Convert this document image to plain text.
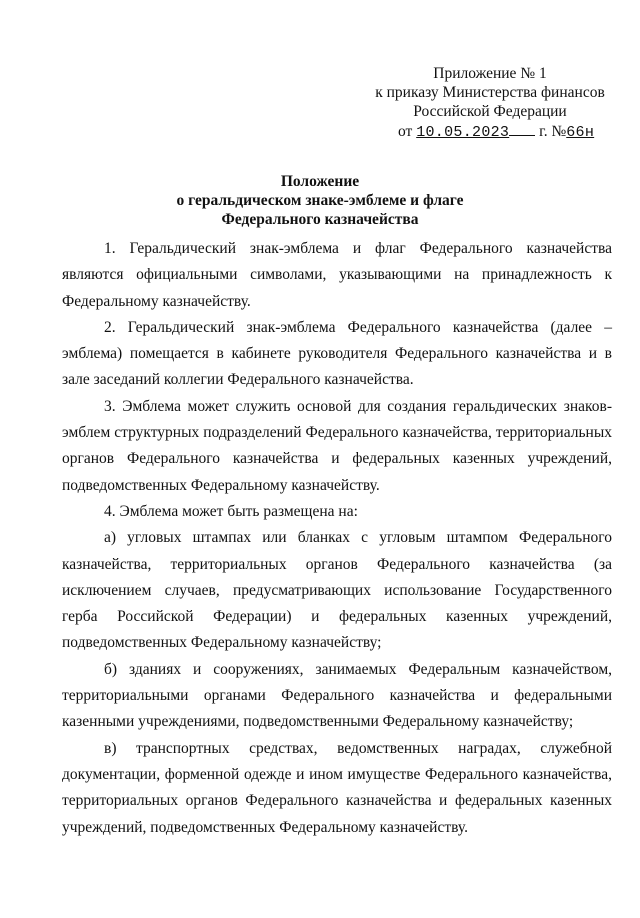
Приложение № 1
к приказу Министерства финансов
Российской Федерации
от 10.05.2023 г. №66н
Положение
о геральдическом знаке-эмблеме и флаге
Федерального казначейства

1. Геральдический знак-эмблема и флаг Федерального казначейства являются официальными символами, указывающими на принадлежность к Федеральному казначейству.

2. Геральдический знак-эмблема Федерального казначейства (далее – эмблема) помещается в кабинете руководителя Федерального казначейства и в зале заседаний коллегии Федерального казначейства.

3. Эмблема может служить основой для создания геральдических знаков-эмблем структурных подразделений Федерального казначейства, территориальных органов Федерального казначейства и федеральных казенных учреждений, подведомственных Федеральному казначейству.

4. Эмблема может быть размещена на:

а) угловых штампах или бланках с угловым штампом Федерального казначейства, территориальных органов Федерального казначейства (за исключением случаев, предусматривающих использование Государственного герба Российской Федерации) и федеральных казенных учреждений, подведомственных Федеральному казначейству;

б) зданиях и сооружениях, занимаемых Федеральным казначейством, территориальными органами Федерального казначейства и федеральными казенными учреждениями, подведомственными Федеральному казначейству;

в) транспортных средствах, ведомственных наградах, служебной документации, форменной одежде и ином имуществе Федерального казначейства, территориальных органов Федерального казначейства и федеральных казенных учреждений, подведомственных Федеральному казначейству.
